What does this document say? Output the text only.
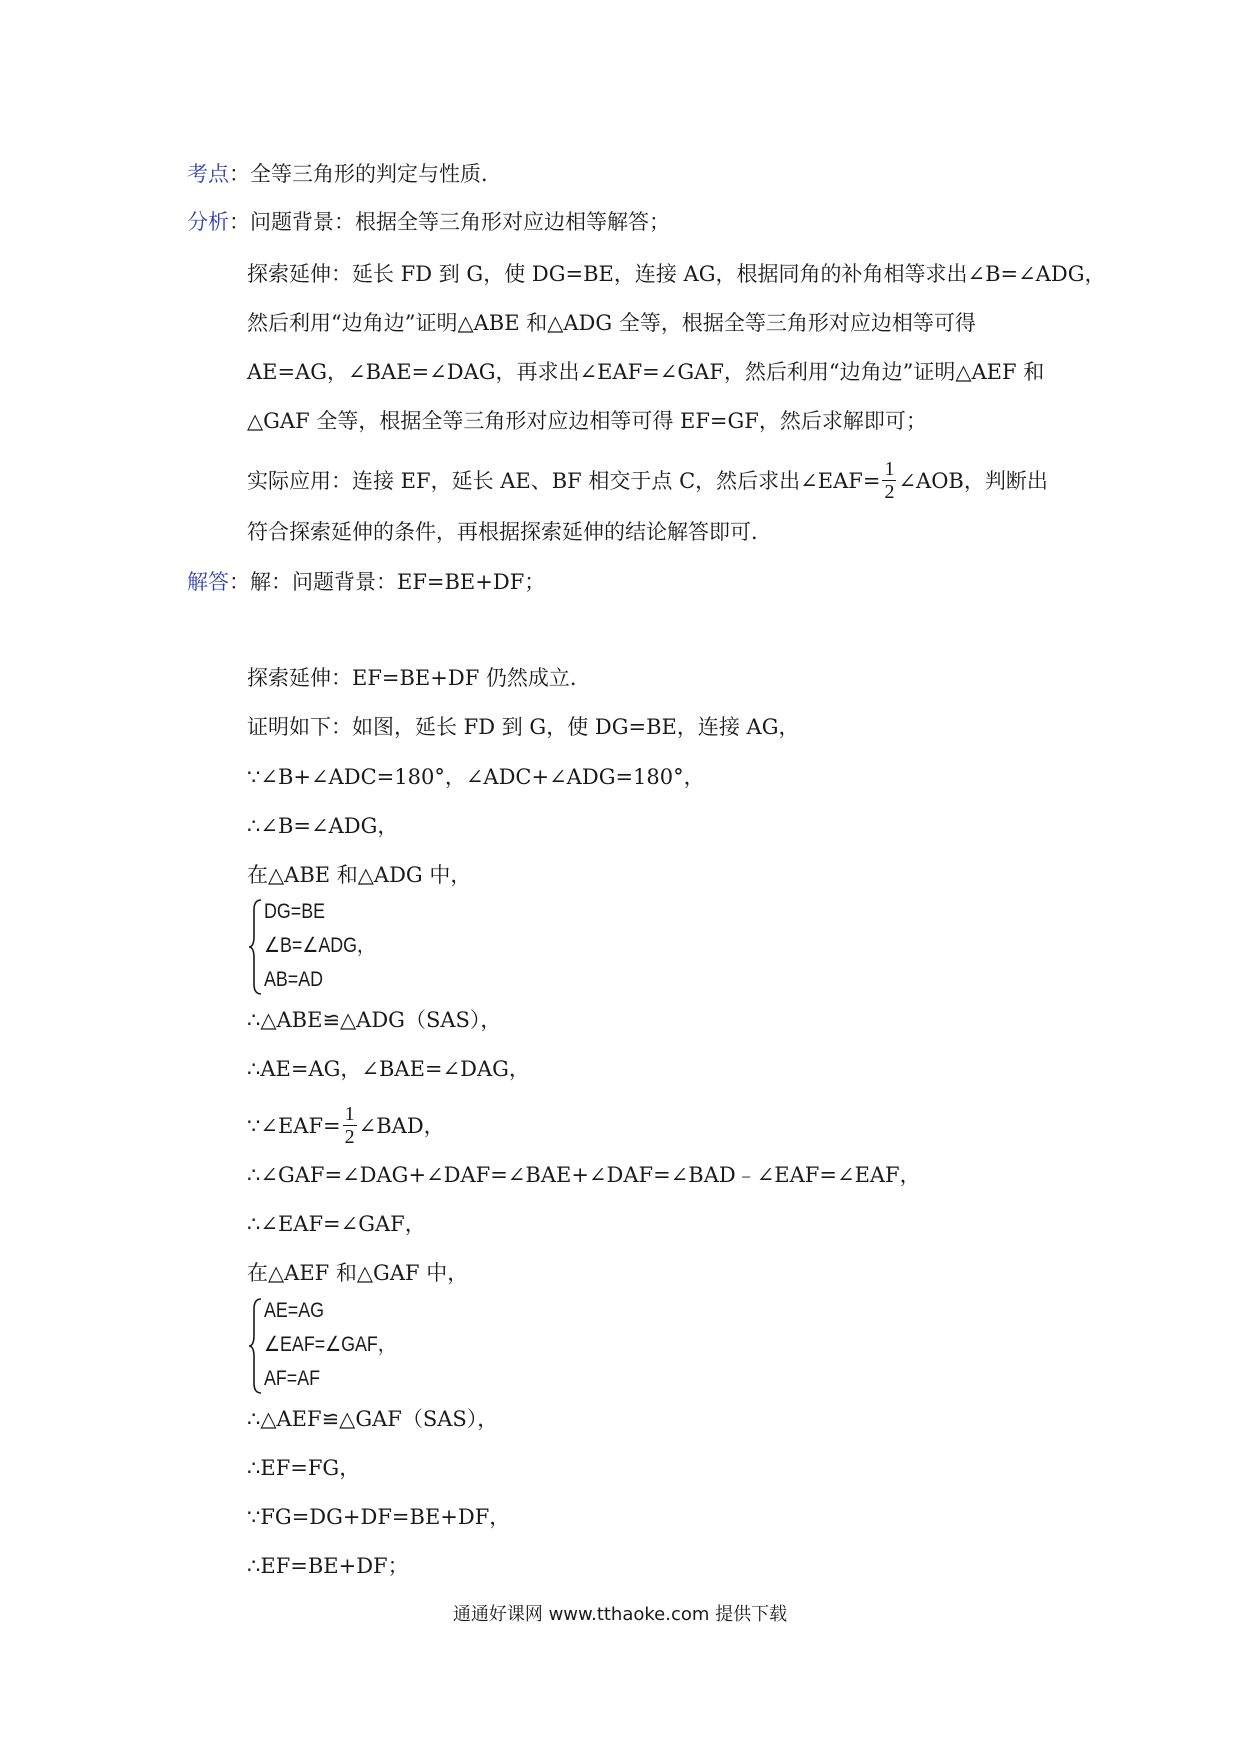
考点：全等三角形的判定与性质．
分析：问题背景：根据全等三角形对应边相等解答；
探索延伸：延长 FD 到 G，使 DG=BE，连接 AG，根据同角的补角相等求出∠B=∠ADG，
然后利用“边角边”证明△ABE 和△ADG 全等，根据全等三角形对应边相等可得
AE=AG，∠BAE=∠DAG，再求出∠EAF=∠GAF，然后利用“边角边”证明△AEF 和
△GAF 全等，根据全等三角形对应边相等可得 EF=GF，然后求解即可；
实际应用：连接 EF，延长 AE、BF 相交于点 C，然后求出∠EAF= $\frac{1}{2}$ ∠AOB，判断出
符合探索延伸的条件，再根据探索延伸的结论解答即可．
解答：解：问题背景：EF=BE+DF；
探索延伸：EF=BE+DF 仍然成立．
证明如下：如图，延长 FD 到 G，使 DG=BE，连接 AG，
∵∠B+∠ADC=180°，∠ADC+∠ADG=180°，
∴∠B=∠ADG，
在△ABE 和△ADG 中，
DG=BE
∠B=∠ADG，
AB=AD
∴△ABE≌△ADG（SAS），
∴AE=AG，∠BAE=∠DAG，
∵∠EAF= $\frac{1}{2}$ ∠BAD，
∴∠GAF=∠DAG+∠DAF=∠BAE+∠DAF=∠BAD﹣∠EAF=∠EAF，
∴∠EAF=∠GAF，
在△AEF 和△GAF 中，
AE=AG
∠EAF=∠GAF，
AF=AF
∴△AEF≌△GAF（SAS），
∴EF=FG，
∵FG=DG+DF=BE+DF，
∴EF=BE+DF；
通通好课网 www.tthaoke.com 提供下载
